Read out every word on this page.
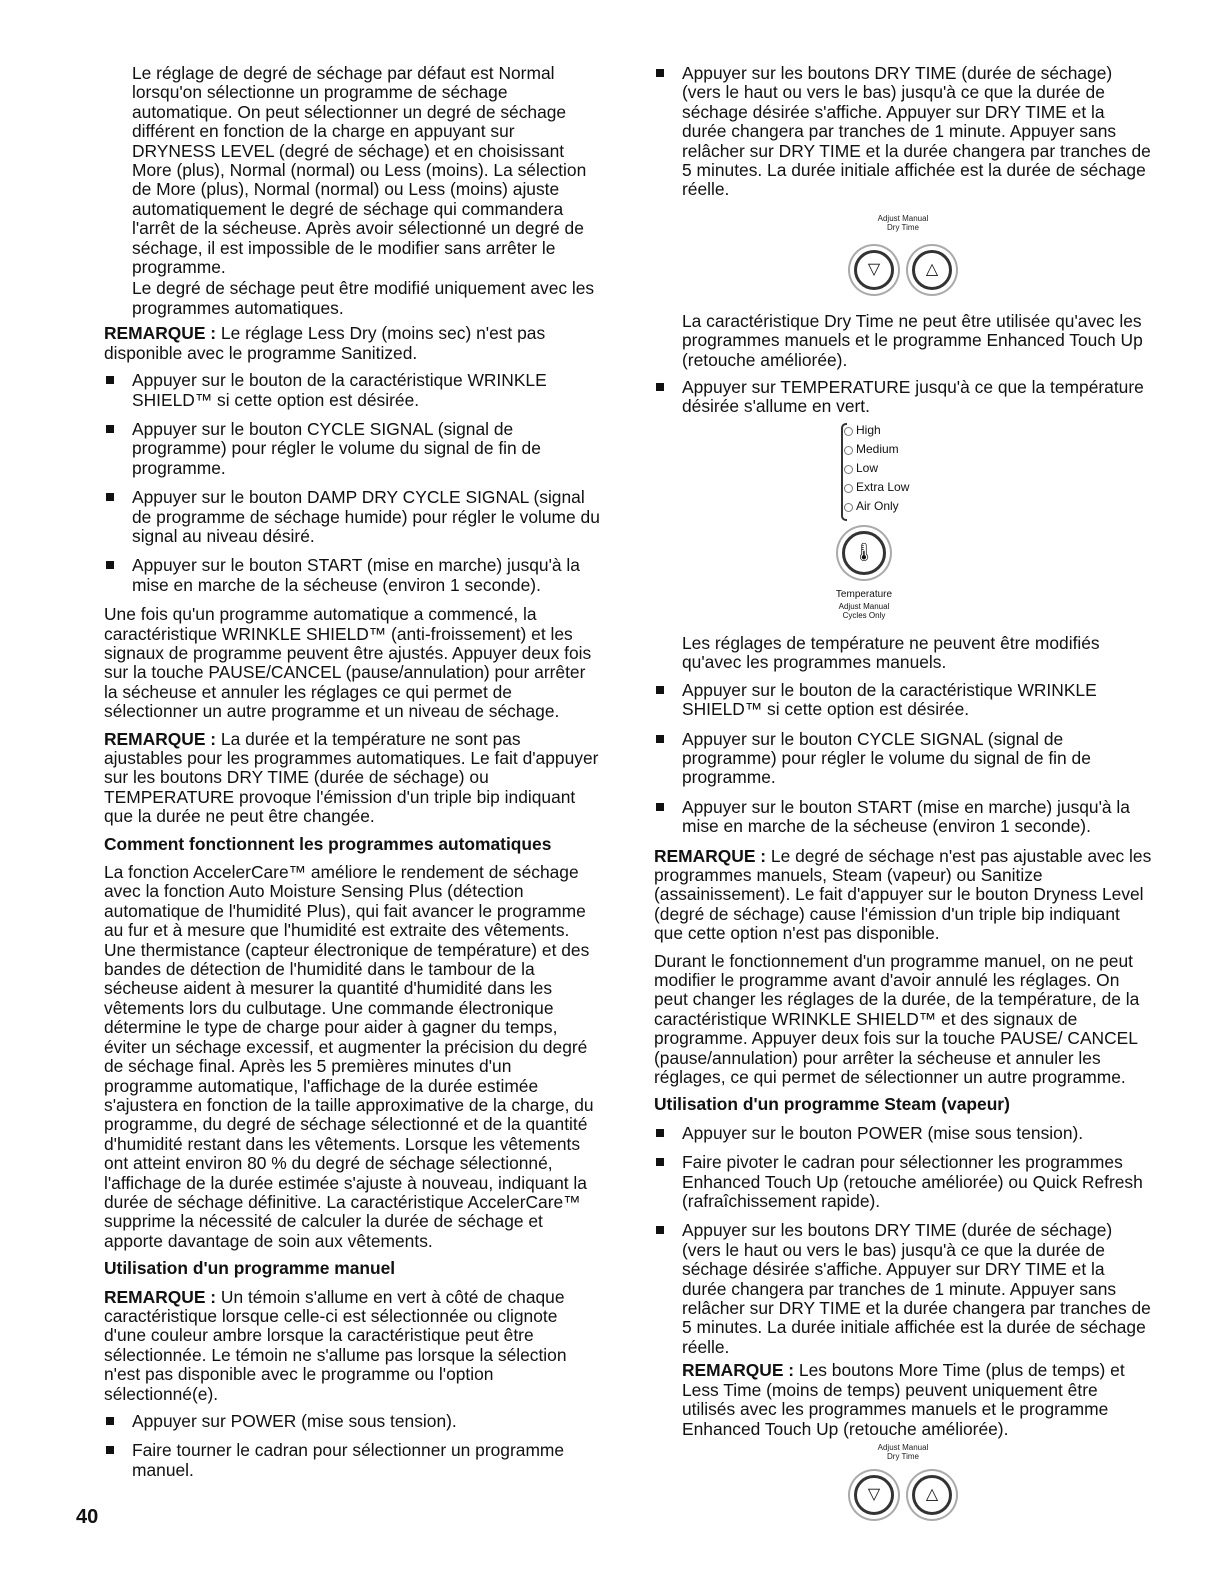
Le réglage de degré de séchage par défaut est Normal lorsqu'on sélectionne un programme de séchage automatique. On peut sélectionner un degré de séchage différent en fonction de la charge en appuyant sur DRYNESS LEVEL (degré de séchage) et en choisissant More (plus), Normal (normal) ou Less (moins). La sélection de More (plus), Normal (normal) ou Less (moins) ajuste automatiquement le degré de séchage qui commandera l'arrêt de la sécheuse. Après avoir sélectionné un degré de séchage, il est impossible de le modifier sans arrêter le programme.

Le degré de séchage peut être modifié uniquement avec les programmes automatiques.

REMARQUE : Le réglage Less Dry (moins sec) n'est pas disponible avec le programme Sanitized.

Appuyer sur le bouton de la caractéristique WRINKLE SHIELD™ si cette option est désirée.
Appuyer sur le bouton CYCLE SIGNAL (signal de programme) pour régler le volume du signal de fin de programme.
Appuyer sur le bouton DAMP DRY CYCLE SIGNAL (signal de programme de séchage humide) pour régler le volume du signal au niveau désiré.
Appuyer sur le bouton START (mise en marche) jusqu'à la mise en marche de la sécheuse (environ 1 seconde).

Une fois qu'un programme automatique a commencé, la caractéristique WRINKLE SHIELD™ (anti-froissement) et les signaux de programme peuvent être ajustés. Appuyer deux fois sur la touche PAUSE/CANCEL (pause/annulation) pour arrêter la sécheuse et annuler les réglages ce qui permet de sélectionner un autre programme et un niveau de séchage.

REMARQUE : La durée et la température ne sont pas ajustables pour les programmes automatiques. Le fait d'appuyer sur les boutons DRY TIME (durée de séchage) ou TEMPERATURE provoque l'émission d'un triple bip indiquant que la durée ne peut être changée.

Comment fonctionnent les programmes automatiques

La fonction AccelerCare™ améliore le rendement de séchage avec la fonction Auto Moisture Sensing Plus (détection automatique de l'humidité Plus), qui fait avancer le programme au fur et à mesure que l'humidité est extraite des vêtements. Une thermistance (capteur électronique de température) et des bandes de détection de l'humidité dans le tambour de la sécheuse aident à mesurer la quantité d'humidité dans les vêtements lors du culbutage. Une commande électronique détermine le type de charge pour aider à gagner du temps, éviter un séchage excessif, et augmenter la précision du degré de séchage final. Après les 5 premières minutes d'un programme automatique, l'affichage de la durée estimée s'ajustera en fonction de la taille approximative de la charge, du programme, du degré de séchage sélectionné et de la quantité d'humidité restant dans les vêtements. Lorsque les vêtements ont atteint environ 80 % du degré de séchage sélectionné, l'affichage de la durée estimée s'ajuste à nouveau, indiquant la durée de séchage définitive. La caractéristique AccelerCare™ supprime la nécessité de calculer la durée de séchage et apporte davantage de soin aux vêtements.

Utilisation d'un programme manuel

REMARQUE : Un témoin s'allume en vert à côté de chaque caractéristique lorsque celle-ci est sélectionnée ou clignote d'une couleur ambre lorsque la caractéristique peut être sélectionnée. Le témoin ne s'allume pas lorsque la sélection n'est pas disponible avec le programme ou l'option sélectionné(e).

Appuyer sur POWER (mise sous tension).
Faire tourner le cadran pour sélectionner un programme manuel.
Appuyer sur les boutons DRY TIME (durée de séchage) (vers le haut ou vers le bas) jusqu'à ce que la durée de séchage désirée s'affiche. Appuyer sur DRY TIME et la durée changera par tranches de 1 minute. Appuyer sans relâcher sur DRY TIME et la durée changera par tranches de 5 minutes. La durée initiale affichée est la durée de séchage réelle.
Adjust Manual
Dry Time
▽	△

La caractéristique Dry Time ne peut être utilisée qu'avec les programmes manuels et le programme Enhanced Touch Up (retouche améliorée).

Appuyer sur TEMPERATURE jusqu'à ce que la température désirée s'allume en vert.
High
Medium
Low
Extra Low
Air Only
🌡
Temperature
Adjust Manual
Cycles Only

Les réglages de température ne peuvent être modifiés qu'avec les programmes manuels.

Appuyer sur le bouton de la caractéristique WRINKLE SHIELD™ si cette option est désirée.
Appuyer sur le bouton CYCLE SIGNAL (signal de programme) pour régler le volume du signal de fin de programme.
Appuyer sur le bouton START (mise en marche) jusqu'à la mise en marche de la sécheuse (environ 1 seconde).

REMARQUE : Le degré de séchage n'est pas ajustable avec les programmes manuels, Steam (vapeur) ou Sanitize (assainissement). Le fait d'appuyer sur le bouton Dryness Level (degré de séchage) cause l'émission d'un triple bip indiquant que cette option n'est pas disponible.

Durant le fonctionnement d'un programme manuel, on ne peut modifier le programme avant d'avoir annulé les réglages. On peut changer les réglages de la durée, de la température, de la caractéristique WRINKLE SHIELD™ et des signaux de programme. Appuyer deux fois sur la touche PAUSE/ CANCEL (pause/annulation) pour arrêter la sécheuse et annuler les réglages, ce qui permet de sélectionner un autre programme.

Utilisation d'un programme Steam (vapeur)

Appuyer sur le bouton POWER (mise sous tension).
Faire pivoter le cadran pour sélectionner les programmes Enhanced Touch Up (retouche améliorée) ou Quick Refresh (rafraîchissement rapide).
Appuyer sur les boutons DRY TIME (durée de séchage) (vers le haut ou vers le bas) jusqu'à ce que la durée de séchage désirée s'affiche. Appuyer sur DRY TIME et la durée changera par tranches de 1 minute. Appuyer sans relâcher sur DRY TIME et la durée changera par tranches de 5 minutes. La durée initiale affichée est la durée de séchage réelle.

REMARQUE : Les boutons More Time (plus de temps) et Less Time (moins de temps) peuvent uniquement être utilisés avec les programmes manuels et le programme Enhanced Touch Up (retouche améliorée).

Adjust Manual
Dry Time
▽	△
40
